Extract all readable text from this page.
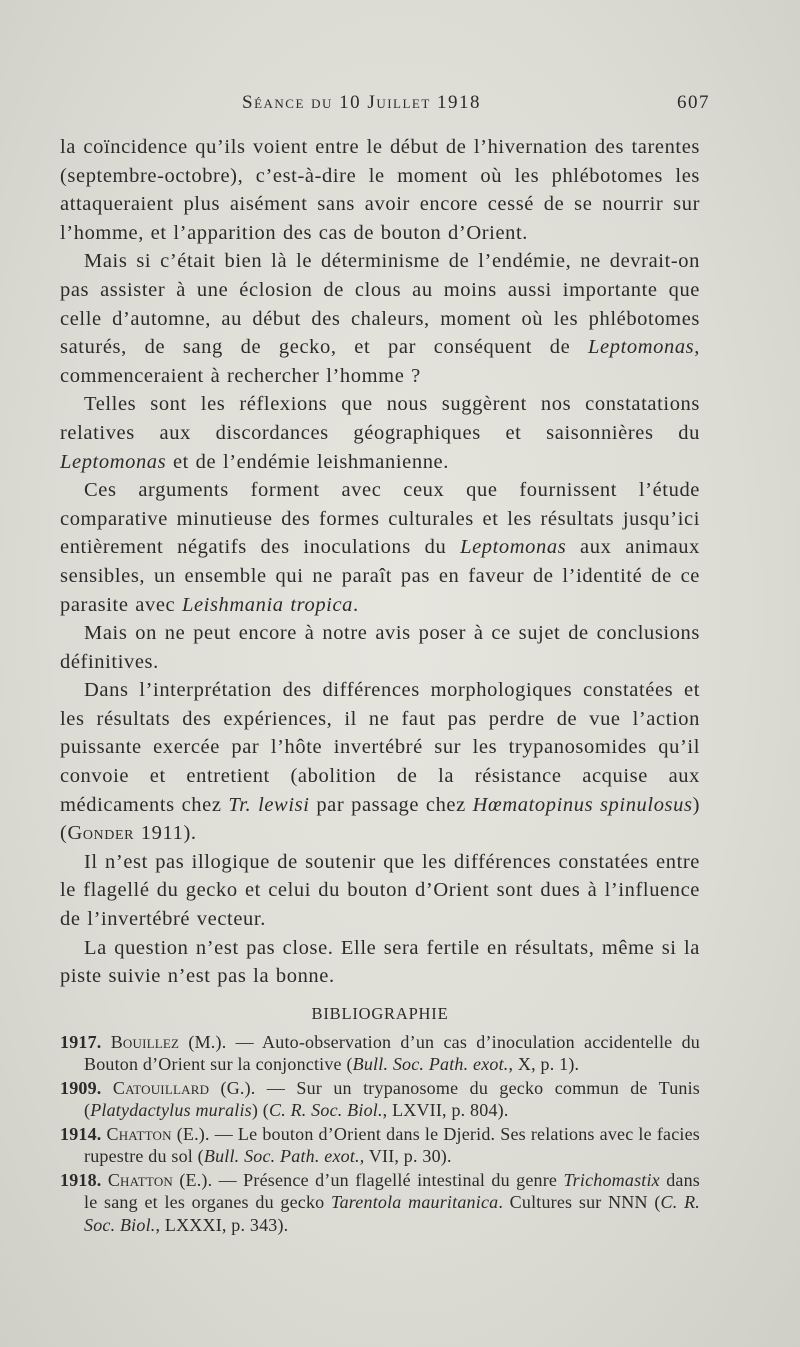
Séance du 10 Juillet 1918	607

la coïncidence qu’ils voient entre le début de l’hivernation des tarentes (septembre-octobre), c’est-à-dire le moment où les phlébotomes les attaqueraient plus aisément sans avoir encore cessé de se nourrir sur l’homme, et l’apparition des cas de bouton d’Orient.

Mais si c’était bien là le déterminisme de l’endémie, ne devrait-on pas assister à une éclosion de clous au moins aussi importante que celle d’automne, au début des chaleurs, moment où les phlébotomes saturés, de sang de gecko, et par conséquent de Leptomonas, commenceraient à rechercher l’homme ?

Telles sont les réflexions que nous suggèrent nos constatations relatives aux discordances géographiques et saisonnières du Leptomonas et de l’endémie leishmanienne.

Ces arguments forment avec ceux que fournissent l’étude comparative minutieuse des formes culturales et les résultats jusqu’ici entièrement négatifs des inoculations du Leptomonas aux animaux sensibles, un ensemble qui ne paraît pas en faveur de l’identité de ce parasite avec Leishmania tropica.

Mais on ne peut encore à notre avis poser à ce sujet de conclusions définitives.

Dans l’interprétation des différences morphologiques constatées et les résultats des expériences, il ne faut pas perdre de vue l’action puissante exercée par l’hôte invertébré sur les trypanosomides qu’il convoie et entretient (abolition de la résistance acquise aux médicaments chez Tr. lewisi par passage chez Hœmatopinus spinulosus) (Gonder 1911).

Il n’est pas illogique de soutenir que les différences constatées entre le flagellé du gecko et celui du bouton d’Orient sont dues à l’influence de l’invertébré vecteur.

La question n’est pas close. Elle sera fertile en résultats, même si la piste suivie n’est pas la bonne.

BIBLIOGRAPHIE
1917. Bouillez (M.). — Auto-observation d’un cas d’inoculation accidentelle du Bouton d’Orient sur la conjonctive (Bull. Soc. Path. exot., X, p. 1).
1909. Catouillard (G.). — Sur un trypanosome du gecko commun de Tunis (Platydactylus muralis) (C. R. Soc. Biol., LXVII, p. 804).
1914. Chatton (E.). — Le bouton d’Orient dans le Djerid. Ses relations avec le facies rupestre du sol (Bull. Soc. Path. exot., VII, p. 30).
1918. Chatton (E.). — Présence d’un flagellé intestinal du genre Trichomastix dans le sang et les organes du gecko Tarentola mauritanica. Cultures sur NNN (C. R. Soc. Biol., LXXXI, p. 343).
